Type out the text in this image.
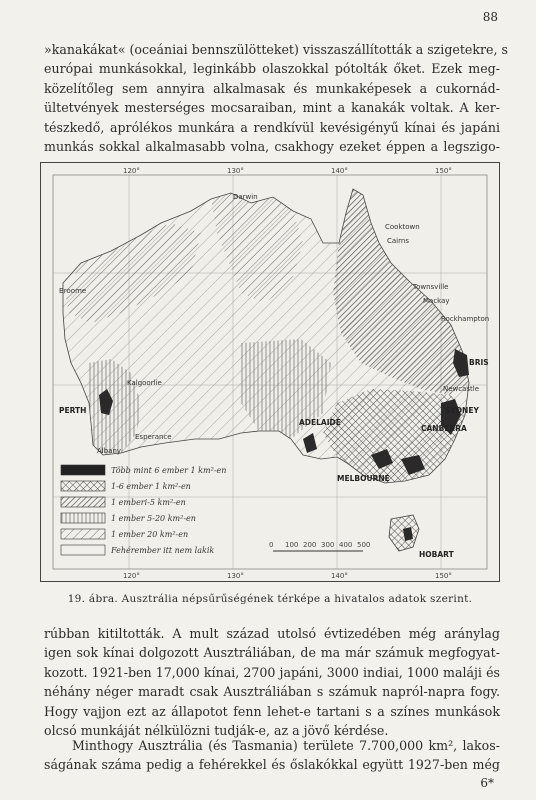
88

»kanakákat« (oceániai bennszülötteket) visszaszállították a szigetekre, s
európai munkásokkal, leginkább olaszokkal pótolták őket. Ezek meg-
közelítőleg sem annyira alkalmasak és munkaképesek a cukornád-
ültetvények mesterséges mocsaraiban, mint a kanakák voltak. A ker-
tészkedő, aprólékos munkára a rendkívül kevésigényű kínai és japáni
munkás sokkal alkalmasabb volna, csakhogy ezeket éppen a legszigo-

120°	130°	140°	150°
120°	130°	140°	150°
Több mint 6 ember 1 km²-en
1-6 ember 1 km²-en
1 emberi-5 km²-en
1 ember 5-20 km²-en
1 ember 20 km²-en
Fehérember itt nem lakik
0 100 200 300 400 500
Darwin
Cooktown
Cairns
Townsville
Mackay
Rockhampton
BRIS
Newcastle
SYDNEY
CANBERRA
ADELAIDE
MELBOURNE
HOBART
PERTH
Albany
Esperance
Kalgoorlie
Broome
19. ábra. Ausztrália népsűrűségének térképe a hivatalos adatok szerint.

rúbban kitiltották. A mult század utolsó évtizedében még aránylag
igen sok kínai dolgozott Ausztráliában, de ma már számuk megfogyat-
kozott. 1921-ben 17,000 kínai, 2700 japáni, 3000 indiai, 1000 maláji és
néhány néger maradt csak Ausztráliában s számuk napról-napra fogy.
Hogy vajjon ezt az állapotot fenn lehet-e tartani s a színes munkások
olcsó munkáját nélkülözni tudják-e, az a jövő kérdése.

Minthogy Ausztrália (és Tasmania) területe 7.700,000 km², lakos-
ságának száma pedig a fehérekkel és őslakókkal együtt 1927-ben még

6*
